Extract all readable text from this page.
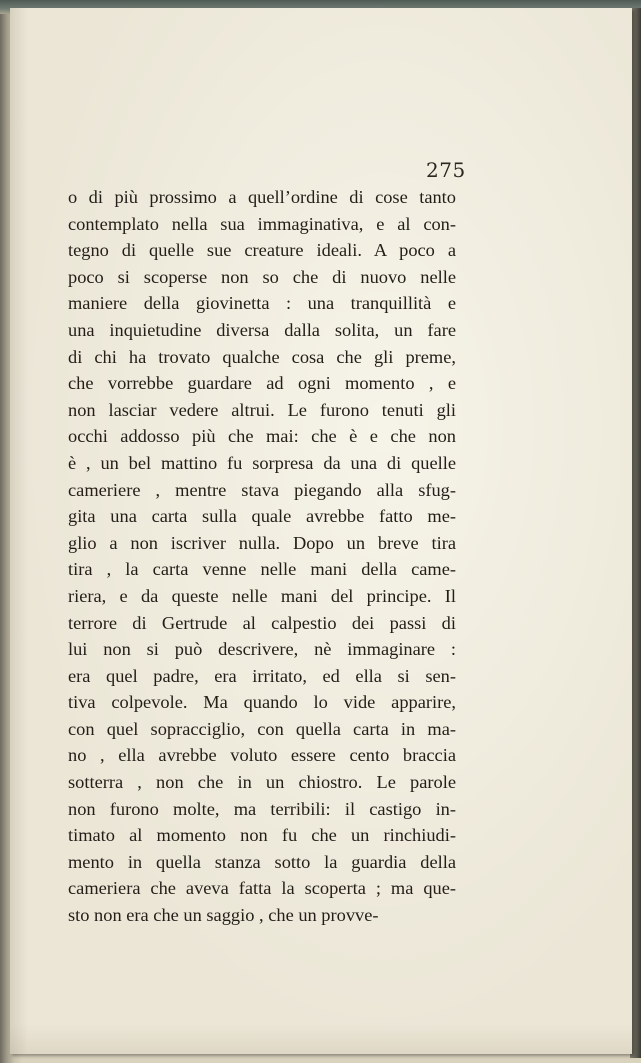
275
o di più prossimo a quell’ordine di cose tanto
contemplato nella sua immaginativa, e al con-
tegno di quelle sue creature ideali. A poco a
poco si scoperse non so che di nuovo nelle
maniere della giovinetta : una tranquillità e
una inquietudine diversa dalla solita, un fare
di chi ha trovato qualche cosa che gli preme,
che vorrebbe guardare ad ogni momento , e
non lasciar vedere altrui. Le furono tenuti gli
occhi addosso più che mai: che è e che non
è , un bel mattino fu sorpresa da una di quelle
cameriere , mentre stava piegando alla sfug-
gita una carta sulla quale avrebbe fatto me-
glio a non iscriver nulla. Dopo un breve tira
tira , la carta venne nelle mani della came-
riera, e da queste nelle mani del principe. Il
terrore di Gertrude al calpestio dei passi di
lui non si può descrivere, nè immaginare :
era quel padre, era irritato, ed ella si sen-
tiva colpevole. Ma quando lo vide apparire,
con quel sopracciglio, con quella carta in ma-
no , ella avrebbe voluto essere cento braccia
sotterra , non che in un chiostro. Le parole
non furono molte, ma terribili: il castigo in-
timato al momento non fu che un rinchiudi-
mento in quella stanza sotto la guardia della
cameriera che aveva fatta la scoperta ; ma que-
sto non era che un saggio , che un provve-
